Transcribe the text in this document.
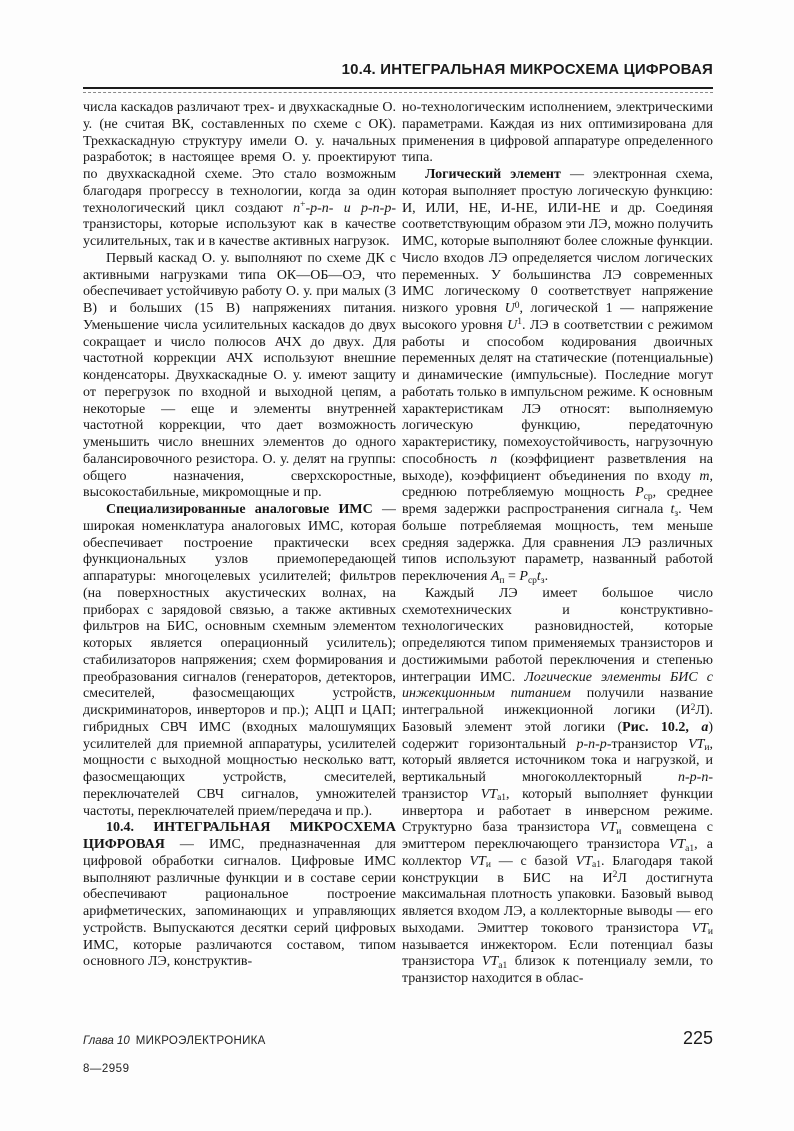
10.4. ИНТЕГРАЛЬНАЯ МИКРОСХЕМА ЦИФРОВАЯ

числа каскадов различают трех- и двухкаскадные О. у. (не считая ВК, составленных по схеме с ОК). Трехкаскадную структуру имели О. у. начальных разработок; в настоящее время О. у. проектируют по двухкаскадной схеме. Это стало возможным благодаря прогрессу в технологии, когда за один технологический цикл создают n+-p-n- и p-n-p-транзисторы, которые используют как в качестве усилительных, так и в качестве активных нагрузок.

Первый каскад О. у. выполняют по схеме ДК с активными нагрузками типа ОК—ОБ—ОЭ, что обеспечивает устойчивую работу О. у. при малых (3 В) и больших (15 В) напряжениях питания. Уменьшение числа усилительных каскадов до двух сокращает и число полюсов АЧХ до двух. Для частотной коррекции АЧХ используют внешние конденсаторы. Двухкаскадные О. у. имеют защиту от перегрузок по входной и выходной цепям, а некоторые — еще и элементы внутренней частотной коррекции, что дает возможность уменьшить число внешних элементов до одного балансировочного резистора. О. у. делят на группы: общего назначения, сверхскоростные, высокостабильные, микромощные и пр.

Специализированные аналоговые ИМС — широкая номенклатура аналоговых ИМС, которая обеспечивает построение практически всех функциональных узлов приемопередающей аппаратуры: многоцелевых усилителей; фильтров (на поверхностных акустических волнах, на приборах с зарядовой связью, а также активных фильтров на БИС, основным схемным элементом которых является операционный усилитель); стабилизаторов напряжения; схем формирования и преобразования сигналов (генераторов, детекторов, смесителей, фазосмещающих устройств, дискриминаторов, инверторов и пр.); АЦП и ЦАП; гибридных СВЧ ИМС (входных малошумящих усилителей для приемной аппаратуры, усилителей мощности с выходной мощностью несколько ватт, фазосмещающих устройств, смесителей, переключателей СВЧ сигналов, умножителей частоты, переключателей прием/передача и пр.).

10.4. ИНТЕГРАЛЬНАЯ МИКРОСХЕМА ЦИФРОВАЯ — ИМС, предназначенная для цифровой обработки сигналов. Цифровые ИМС выполняют различные функции и в составе серии обеспечивают рациональное построение арифметических, запоминающих и управляющих устройств. Выпускаются десятки серий цифровых ИМС, которые различаются составом, типом основного ЛЭ, конструктив-

но-технологическим исполнением, электрическими параметрами. Каждая из них оптимизирована для применения в цифровой аппаратуре определенного типа.

Логический элемент — электронная схема, которая выполняет простую логическую функцию: И, ИЛИ, НЕ, И-НЕ, ИЛИ-НЕ и др. Соединяя соответствующим образом эти ЛЭ, можно получить ИМС, которые выполняют более сложные функции. Число входов ЛЭ определяется числом логических переменных. У большинства ЛЭ современных ИМС логическому 0 соответствует напряжение низкого уровня $U^0$, логической 1 — напряжение высокого уровня $U^1$. ЛЭ в соответствии с режимом работы и способом кодирования двоичных переменных делят на статические (потенциальные) и динамические (импульсные). Последние могут работать только в импульсном режиме. К основным характеристикам ЛЭ относят: выполняемую логическую функцию, передаточную характеристику, помехоустойчивость, нагрузочную способность n (коэффициент разветвления на выходе), коэффициент объединения по входу m, среднюю потребляемую мощность $P_{ср}$, среднее время задержки распространения сигнала $t_з$. Чем больше потребляемая мощность, тем меньше средняя задержка. Для сравнения ЛЭ различных типов используют параметр, названный работой переключения $A_п = P_{ср}t_з$.

Каждый ЛЭ имеет большое число схемотехнических и конструктивно-технологических разновидностей, которые определяются типом применяемых транзисторов и достижимыми работой переключения и степенью интеграции ИМС. Логические элементы БИС с инжекционным питанием получили название интегральной инжекционной логики $(И^2Л)$. Базовый элемент этой логики (Рис. 10.2, а) содержит горизонтальный p-n-p-транзистор $VT_и$, который является источником тока и нагрузкой, и вертикальный многоколлекторный n-p-n-транзистор $VT_{а1}$, который выполняет функции инвертора и работает в инверсном режиме. Структурно база транзистора $VT_и$ совмещена с эмиттером переключающего транзистора $VT_{а1}$, а коллектор $VT_и$ — с базой $VT_{а1}$. Благодаря такой конструкции в БИС на $И^2Л$ достигнута максимальная плотность упаковки. Базовый вывод является входом ЛЭ, а коллекторные выводы — его выходами. Эмиттер токового транзистора $VT_и$ называется инжектором. Если потенциал базы транзистора $VT_{а1}$ близок к потенциалу земли, то транзистор находится в облас-

Глава 10 МИКРОЭЛЕКТРОНИКА	225
8—2959
